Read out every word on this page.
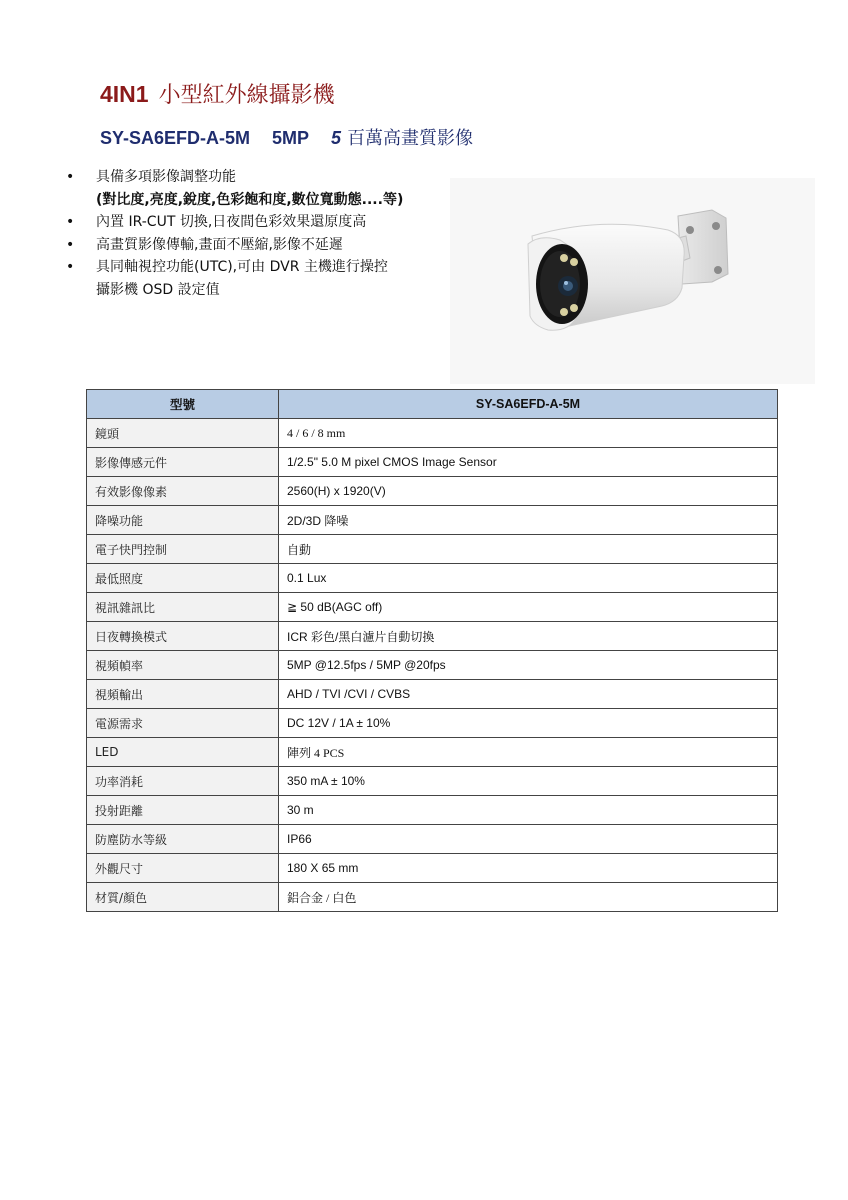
4IN1 小型紅外線攝影機
SY-SA6EFD-A-5M 5MP 5 百萬高畫質影像
• 具備多項影像調整功能
(對比度,亮度,銳度,色彩飽和度,數位寬動態....等)
• 內置 IR-CUT 切換,日夜間色彩效果還原度高
• 高畫質影像傳輸,畫面不壓縮,影像不延遲
• 具同軸視控功能(UTC),可由 DVR 主機進行操控
攝影機 OSD 設定值
型號	SY-SA6EFD-A-5M
鏡頭	4 / 6 / 8 mm
影像傳感元件	1/2.5" 5.0 M pixel CMOS Image Sensor
有效影像像素	2560(H) x 1920(V)
降噪功能	2D/3D 降噪
電子快門控制	自動
最低照度	0.1 Lux
視訊雜訊比	≧ 50 dB(AGC off)
日夜轉換模式	ICR 彩色/黑白濾片自動切換
視頻幀率	5MP @12.5fps / 5MP @20fps
視頻輸出	AHD / TVI /CVI / CVBS
電源需求	DC 12V / 1A ± 10%
LED	陣列 4 PCS
功率消耗	350 mA ± 10%
投射距離	30 m
防塵防水等級	IP66
外觀尺寸	180 X 65 mm
材質/顏色	鋁合金 / 白色
